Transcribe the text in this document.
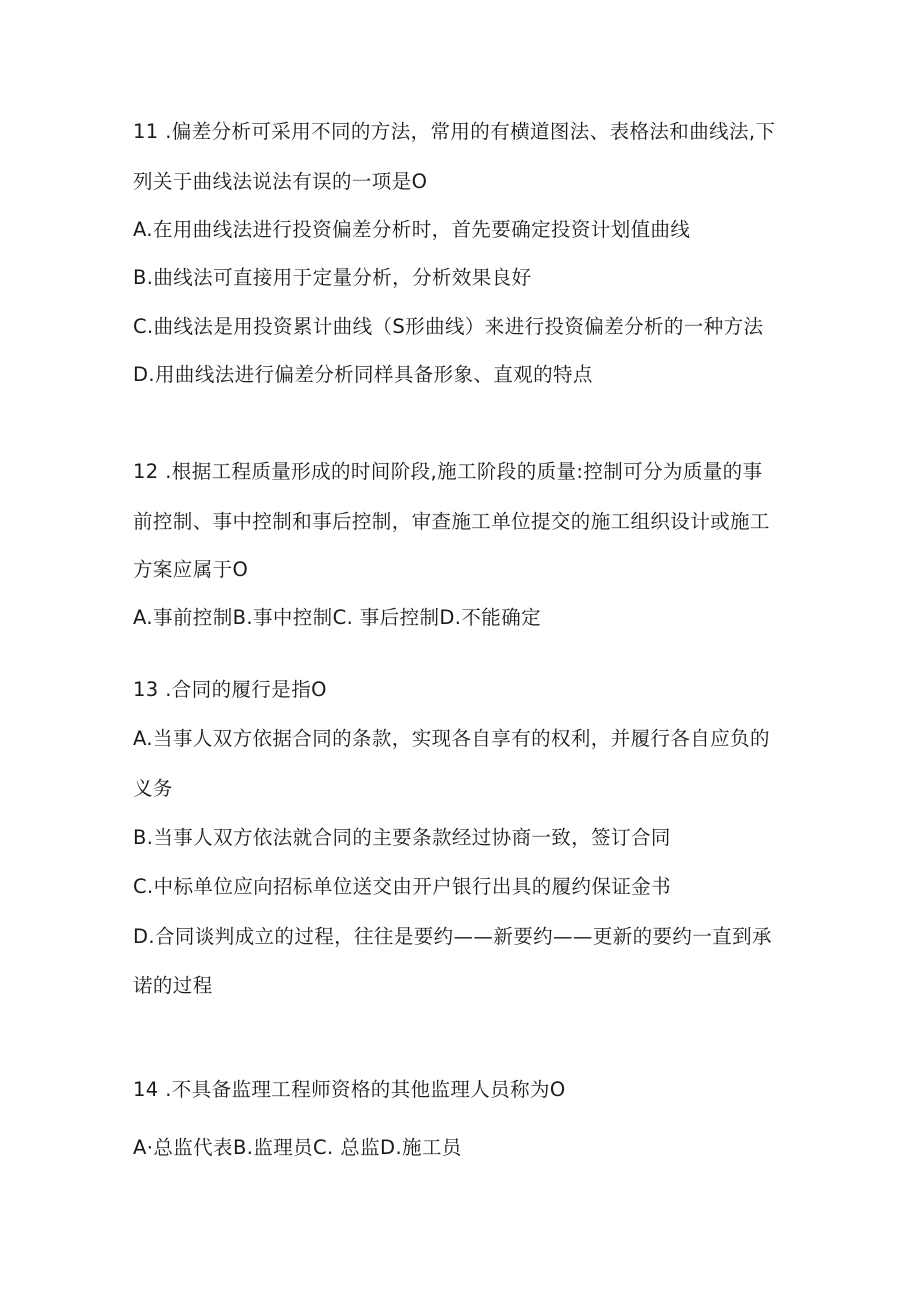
11 .偏差分析可采用不同的方法，常用的有横道图法、表格法和曲线法,下
列关于曲线法说法有误的一项是O
A.在用曲线法进行投资偏差分析时，首先要确定投资计划值曲线
B.曲线法可直接用于定量分析，分析效果良好
C.曲线法是用投资累计曲线（S形曲线）来进行投资偏差分析的一种方法
D.用曲线法进行偏差分析同样具备形象、直观的特点
12 .根据工程质量形成的时间阶段,施工阶段的质量:控制可分为质量的事
前控制、事中控制和事后控制，审查施工单位提交的施工组织设计或施工
方案应属于O
A.事前控制B.事中控制C. 事后控制D.不能确定
13 .合同的履行是指O
A.当事人双方依据合同的条款，实现各自享有的权利，并履行各自应负的
义务
B.当事人双方依法就合同的主要条款经过协商一致，签订合同
C.中标单位应向招标单位送交由开户银行出具的履约保证金书
D.合同谈判成立的过程，往往是要约——新要约——更新的要约一直到承
诺的过程
14 .不具备监理工程师资格的其他监理人员称为O
A·总监代表B.监理员C. 总监D.施工员
